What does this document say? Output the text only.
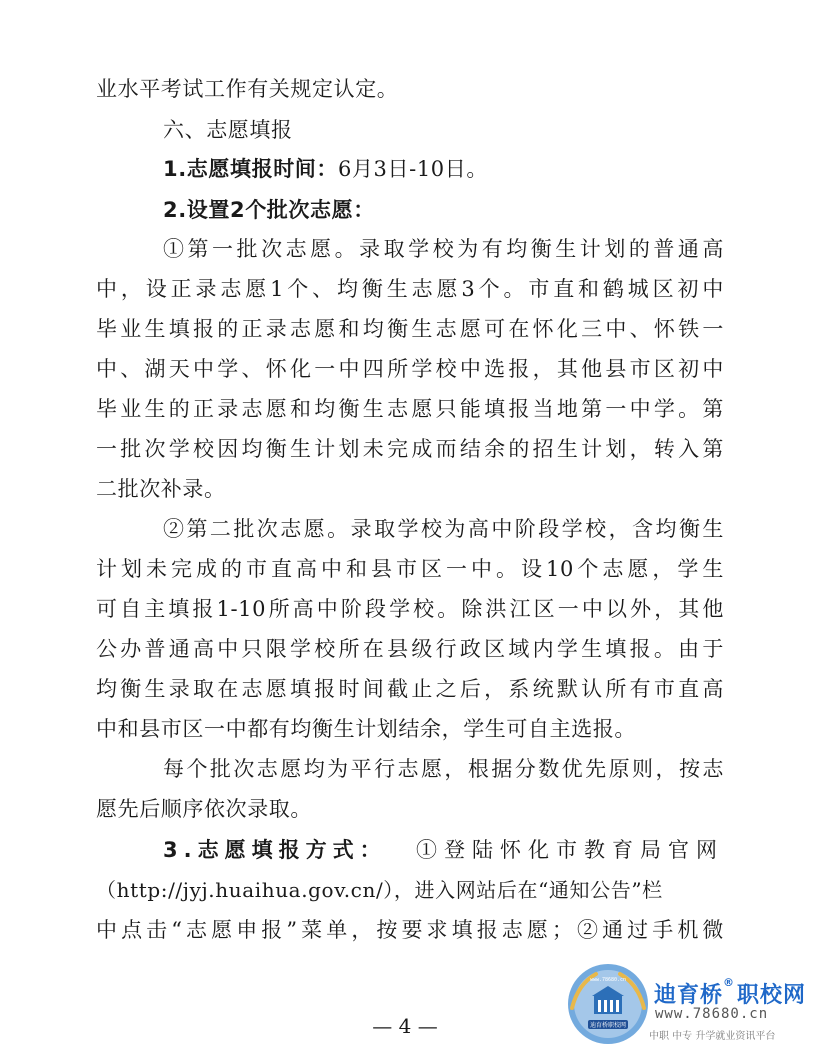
业水平考试工作有关规定认定。
六、志愿填报
1.志愿填报时间：6月3日-10日。
2.设置2个批次志愿：
①第一批次志愿。录取学校为有均衡生计划的普通高
中，设正录志愿1个、均衡生志愿3个。市直和鹤城区初中
毕业生填报的正录志愿和均衡生志愿可在怀化三中、怀铁一
中、湖天中学、怀化一中四所学校中选报，其他县市区初中
毕业生的正录志愿和均衡生志愿只能填报当地第一中学。第
一批次学校因均衡生计划未完成而结余的招生计划，转入第
二批次补录。
②第二批次志愿。录取学校为高中阶段学校，含均衡生
计划未完成的市直高中和县市区一中。设10个志愿，学生
可自主填报1-10所高中阶段学校。除洪江区一中以外，其他
公办普通高中只限学校所在县级行政区域内学生填报。由于
均衡生录取在志愿填报时间截止之后，系统默认所有市直高
中和县市区一中都有均衡生计划结余，学生可自主选报。
每个批次志愿均为平行志愿，根据分数优先原则，按志
愿先后顺序依次录取。
3.志愿填报方式： ①登陆怀化市教育局官网
（http://jyj.huaihua.gov.cn/），进入网站后在“通知公告”栏
中点击“志愿申报”菜单，按要求填报志愿；②通过手机微
— 4 —
www.78680.cn
迪育桥职校网
迪育桥®职校网
www.78680.cn
中职 中专 升学就业资讯平台
